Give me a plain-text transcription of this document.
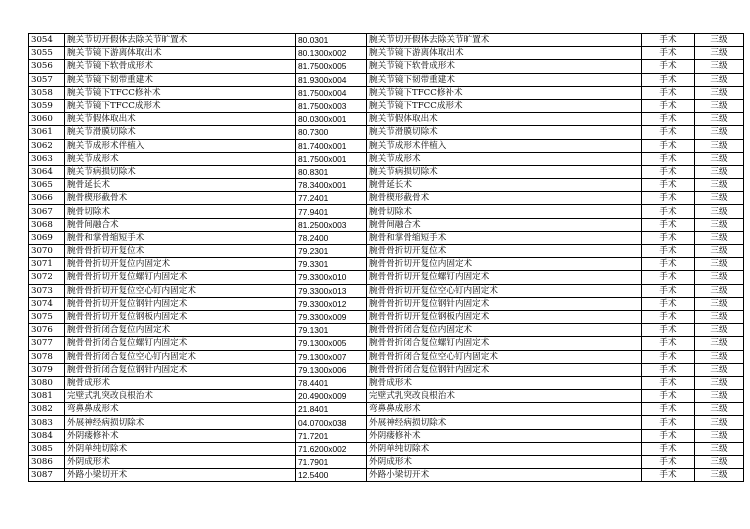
3054	腕关节切开假体去除关节旷置术	80.0301	腕关节切开假体去除关节旷置术	手术	三级
3055	腕关节镜下游离体取出术	80.1300x002	腕关节镜下游离体取出术	手术	三级
3056	腕关节镜下软骨成形术	81.7500x005	腕关节镜下软骨成形术	手术	三级
3057	腕关节镜下韧带重建术	81.9300x004	腕关节镜下韧带重建术	手术	三级
3058	腕关节镜下TFCC修补术	81.7500x004	腕关节镜下TFCC修补术	手术	三级
3059	腕关节镜下TFCC成形术	81.7500x003	腕关节镜下TFCC成形术	手术	三级
3060	腕关节假体取出术	80.0300x001	腕关节假体取出术	手术	三级
3061	腕关节滑膜切除术	80.7300	腕关节滑膜切除术	手术	三级
3062	腕关节成形术伴植入	81.7400x001	腕关节成形术伴植入	手术	三级
3063	腕关节成形术	81.7500x001	腕关节成形术	手术	三级
3064	腕关节病损切除术	80.8301	腕关节病损切除术	手术	三级
3065	腕骨延长术	78.3400x001	腕骨延长术	手术	三级
3066	腕骨楔形截骨术	77.2401	腕骨楔形截骨术	手术	三级
3067	腕骨切除术	77.9401	腕骨切除术	手术	三级
3068	腕骨间融合术	81.2500x003	腕骨间融合术	手术	三级
3069	腕骨和掌骨缩短手术	78.2400	腕骨和掌骨缩短手术	手术	三级
3070	腕骨骨折切开复位术	79.2301	腕骨骨折切开复位术	手术	三级
3071	腕骨骨折切开复位内固定术	79.3301	腕骨骨折切开复位内固定术	手术	三级
3072	腕骨骨折切开复位螺钉内固定术	79.3300x010	腕骨骨折切开复位螺钉内固定术	手术	三级
3073	腕骨骨折切开复位空心钉内固定术	79.3300x013	腕骨骨折切开复位空心钉内固定术	手术	三级
3074	腕骨骨折切开复位钢针内固定术	79.3300x012	腕骨骨折切开复位钢针内固定术	手术	三级
3075	腕骨骨折切开复位钢板内固定术	79.3300x009	腕骨骨折切开复位钢板内固定术	手术	三级
3076	腕骨骨折闭合复位内固定术	79.1301	腕骨骨折闭合复位内固定术	手术	三级
3077	腕骨骨折闭合复位螺钉内固定术	79.1300x005	腕骨骨折闭合复位螺钉内固定术	手术	三级
3078	腕骨骨折闭合复位空心钉内固定术	79.1300x007	腕骨骨折闭合复位空心钉内固定术	手术	三级
3079	腕骨骨折闭合复位钢针内固定术	79.1300x006	腕骨骨折闭合复位钢针内固定术	手术	三级
3080	腕骨成形术	78.4401	腕骨成形术	手术	三级
3081	完壁式乳突改良根治术	20.4900x009	完壁式乳突改良根治术	手术	三级
3082	弯鼻鼻成形术	21.8401	弯鼻鼻成形术	手术	三级
3083	外展神经病损切除术	04.0700x038	外展神经病损切除术	手术	三级
3084	外阴瘘修补术	71.7201	外阴瘘修补术	手术	三级
3085	外阴单纯切除术	71.6200x002	外阴单纯切除术	手术	三级
3086	外阴成形术	71.7901	外阴成形术	手术	三级
3087	外路小梁切开术	12.5400	外路小梁切开术	手术	三级
